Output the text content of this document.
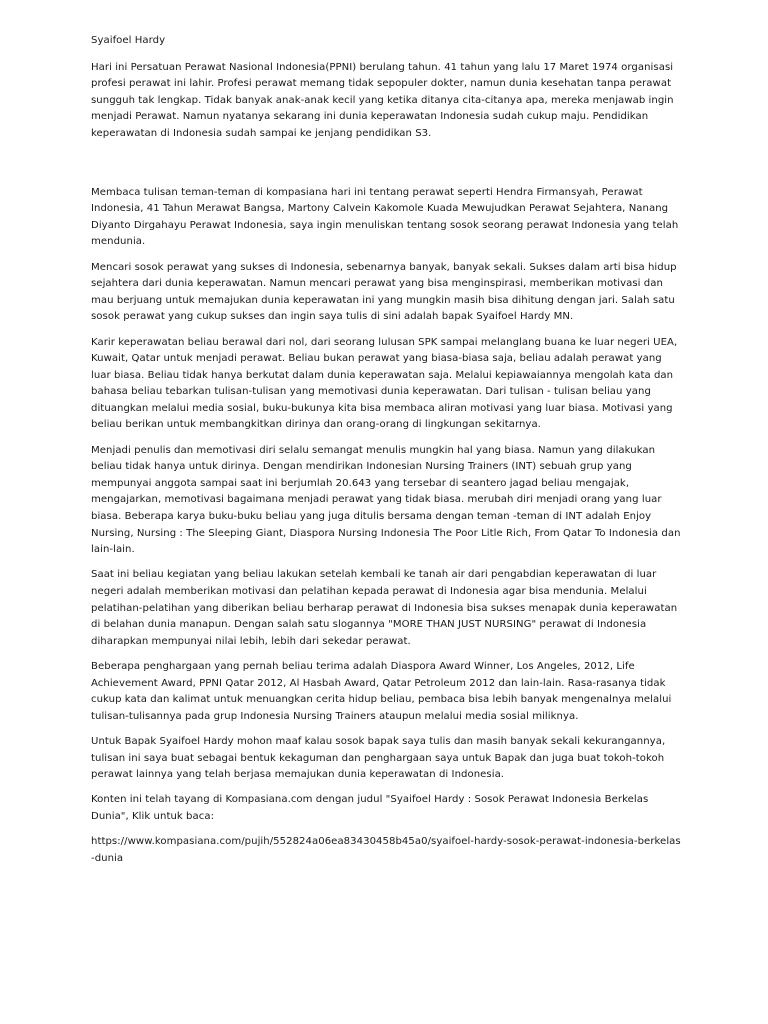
Syaifoel Hardy
Hari ini Persatuan Perawat Nasional Indonesia(PPNI) berulang tahun. 41 tahun yang lalu 17 Maret 1974 organisasi profesi perawat ini lahir. Profesi perawat memang tidak sepopuler dokter, namun dunia kesehatan tanpa perawat sungguh tak lengkap. Tidak banyak anak-anak kecil yang ketika ditanya cita-citanya apa, mereka menjawab ingin menjadi Perawat. Namun nyatanya sekarang ini dunia keperawatan Indonesia sudah cukup maju. Pendidikan keperawatan di Indonesia sudah sampai ke jenjang pendidikan S3.
Membaca tulisan teman-teman di kompasiana hari ini tentang perawat seperti Hendra Firmansyah, Perawat Indonesia, 41 Tahun Merawat Bangsa, Martony Calvein Kakomole Kuada Mewujudkan Perawat Sejahtera, Nanang Diyanto Dirgahayu Perawat Indonesia, saya ingin menuliskan tentang sosok seorang perawat Indonesia yang telah mendunia.
Mencari sosok perawat yang sukses di Indonesia, sebenarnya banyak, banyak sekali. Sukses dalam arti bisa hidup sejahtera dari dunia keperawatan. Namun mencari perawat yang bisa menginspirasi, memberikan motivasi dan mau berjuang untuk memajukan dunia keperawatan ini yang mungkin masih bisa dihitung dengan jari. Salah satu sosok perawat yang cukup sukses dan ingin saya tulis di sini adalah bapak Syaifoel Hardy MN.
Karir keperawatan beliau berawal dari nol, dari seorang lulusan SPK sampai melanglang buana ke luar negeri UEA, Kuwait, Qatar untuk menjadi perawat. Beliau bukan perawat yang biasa-biasa saja, beliau adalah perawat yang luar biasa. Beliau tidak hanya berkutat dalam dunia keperawatan saja. Melalui kepiawaiannya mengolah kata dan bahasa beliau tebarkan tulisan-tulisan yang memotivasi dunia keperawatan. Dari tulisan - tulisan beliau yang dituangkan melalui media sosial, buku-bukunya kita bisa membaca aliran motivasi yang luar biasa. Motivasi yang beliau berikan untuk membangkitkan dirinya dan orang-orang di lingkungan sekitarnya.
Menjadi penulis dan memotivasi diri selalu semangat menulis mungkin hal yang biasa. Namun yang dilakukan beliau tidak hanya untuk dirinya. Dengan mendirikan Indonesian Nursing Trainers (INT) sebuah grup yang mempunyai anggota sampai saat ini berjumlah 20.643 yang tersebar di seantero jagad beliau mengajak, mengajarkan, memotivasi bagaimana menjadi perawat yang tidak biasa. merubah diri menjadi orang yang luar biasa. Beberapa karya buku-buku beliau yang juga ditulis bersama dengan teman -teman di INT adalah Enjoy Nursing, Nursing : The Sleeping Giant, Diaspora Nursing Indonesia The Poor Litle Rich, From Qatar To Indonesia dan lain-lain.
Saat ini beliau kegiatan yang beliau lakukan setelah kembali ke tanah air dari pengabdian keperawatan di luar negeri adalah memberikan motivasi dan pelatihan kepada perawat di Indonesia agar bisa mendunia. Melalui pelatihan-pelatihan yang diberikan beliau berharap perawat di Indonesia bisa sukses menapak dunia keperawatan di belahan dunia manapun. Dengan salah satu slogannya "MORE THAN JUST NURSING" perawat di Indonesia diharapkan mempunyai nilai lebih, lebih dari sekedar perawat.
Beberapa penghargaan yang pernah beliau terima adalah Diaspora Award Winner, Los Angeles, 2012, Life Achievement Award, PPNI Qatar 2012, Al Hasbah Award, Qatar Petroleum 2012 dan lain-lain. Rasa-rasanya tidak cukup kata dan kalimat untuk menuangkan cerita hidup beliau, pembaca bisa lebih banyak mengenalnya melalui tulisan-tulisannya pada grup Indonesia Nursing Trainers ataupun melalui media sosial miliknya.
Untuk Bapak Syaifoel Hardy mohon maaf kalau sosok bapak saya tulis dan masih banyak sekali kekurangannya, tulisan ini saya buat sebagai bentuk kekaguman dan penghargaan saya untuk Bapak dan juga buat tokoh-tokoh perawat lainnya yang telah berjasa memajukan dunia keperawatan di Indonesia.
Konten ini telah tayang di Kompasiana.com dengan judul "Syaifoel Hardy : Sosok Perawat Indonesia Berkelas Dunia", Klik untuk baca:
https://www.kompasiana.com/pujih/552824a06ea83430458b45a0/syaifoel-hardy-sosok-perawat-indonesia-berkelas-dunia
